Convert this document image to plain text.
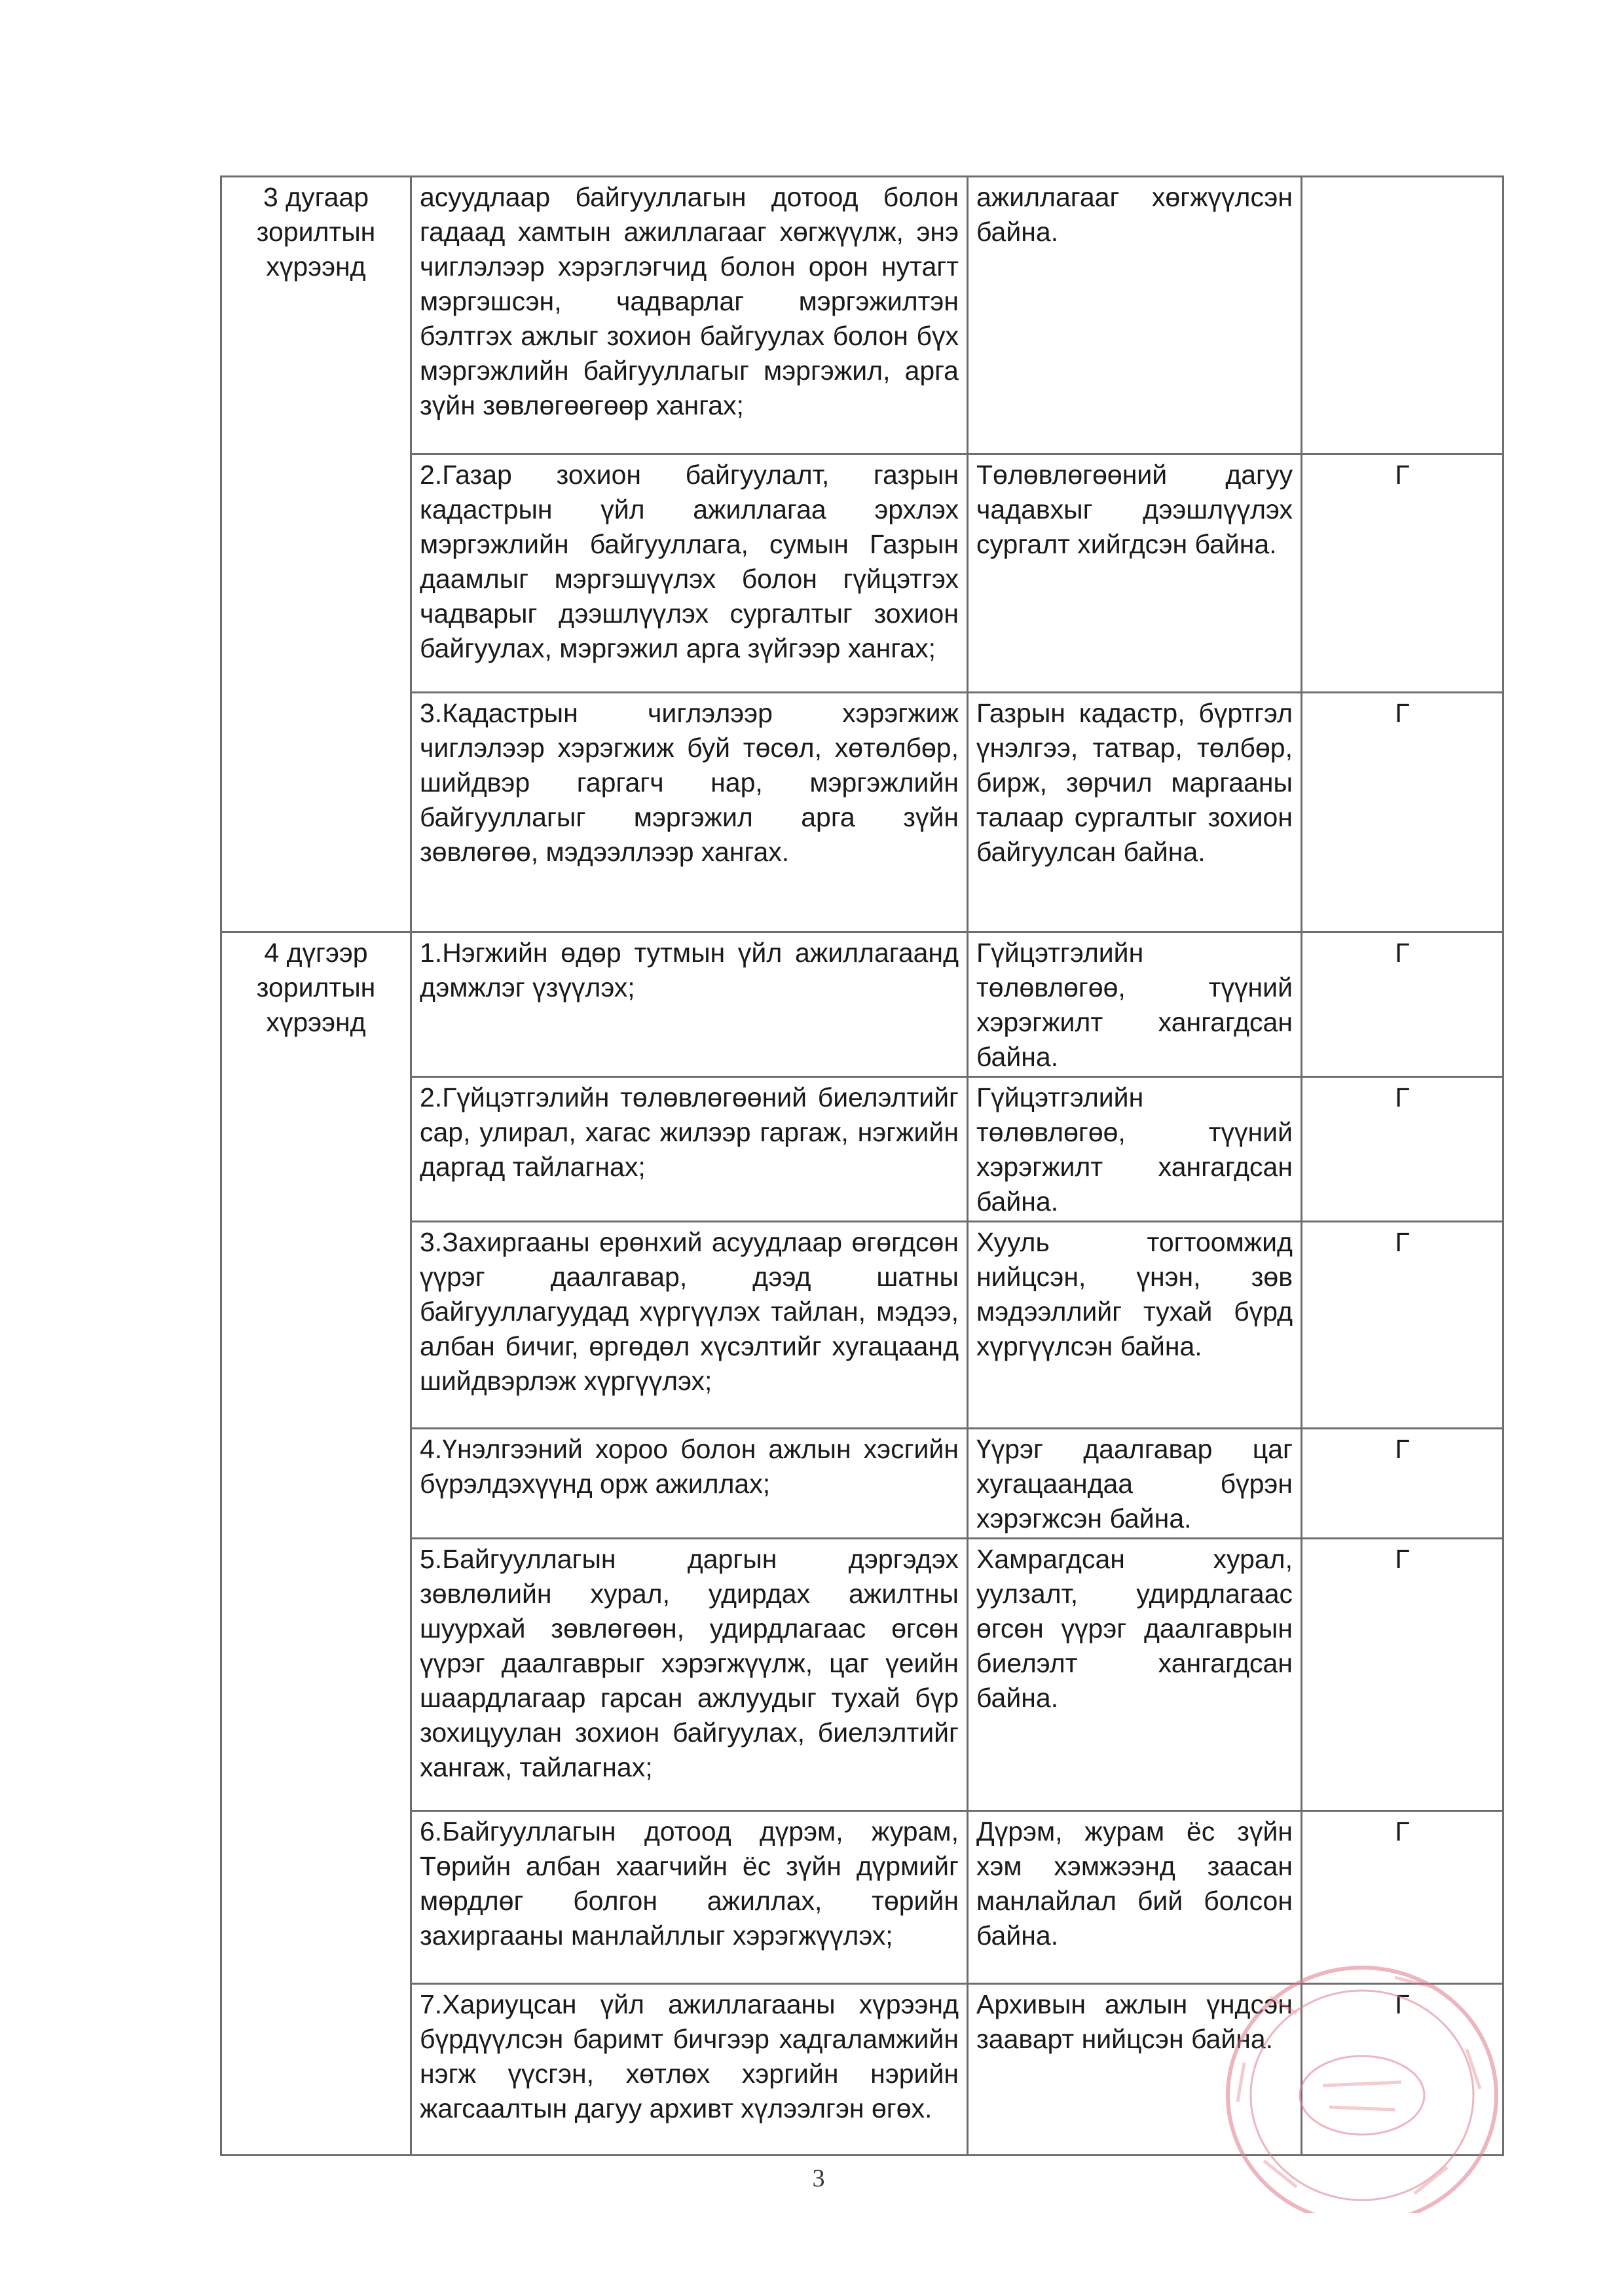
3 дугаар зорилтын хүрээнд	асуудлаар байгууллагын дотоод болон гадаад хамтын ажиллагааг хөгжүүлж, энэ чиглэлээр хэрэглэгчид болон орон нутагт мэргэшсэн, чадварлаг мэргэжилтэн бэлтгэх ажлыг зохион байгуулах болон бүх мэргэжлийн байгууллагыг мэргэжил, арга зүйн зөвлөгөөгөөр хангах;	ажиллагааг хөгжүүлсэн байна.	
	2.Газар зохион байгуулалт, газрын кадастрын үйл ажиллагаа эрхлэх мэргэжлийн байгууллага, сумын Газрын даамлыг мэргэшүүлэх болон гүйцэтгэх чадварыг дээшлүүлэх сургалтыг зохион байгуулах, мэргэжил арга зүйгээр хангах;	Төлөвлөгөөний дагуу чадавхыг дээшлүүлэх сургалт хийгдсэн байна.	Г
	3.Кадастрын чиглэлээр хэрэгжиж чиглэлээр хэрэгжиж буй төсөл, хөтөлбөр, шийдвэр гаргагч нар, мэргэжлийн байгууллагыг мэргэжил арга зүйн зөвлөгөө, мэдээллээр хангах.	Газрын кадастр, бүртгэл үнэлгээ, татвар, төлбөр, бирж, зөрчил маргааны талаар сургалтыг зохион байгуулсан байна.	Г
4 дүгээр зорилтын хүрээнд	1.Нэгжийн өдөр тутмын үйл ажиллагаанд дэмжлэг үзүүлэх;	Гүйцэтгэлийн төлөвлөгөө, түүний хэрэгжилт хангагдсан байна.	Г
	2.Гүйцэтгэлийн төлөвлөгөөний биелэлтийг сар, улирал, хагас жилээр гаргаж, нэгжийн даргад тайлагнах;	Гүйцэтгэлийн төлөвлөгөө, түүний хэрэгжилт хангагдсан байна.	Г
	3.Захиргааны ерөнхий асуудлаар өгөгдсөн үүрэг даалгавар, дээд шатны байгууллагуудад хүргүүлэх тайлан, мэдээ, албан бичиг, өргөдөл хүсэлтийг хугацаанд шийдвэрлэж хүргүүлэх;	Хууль тогтоомжид нийцсэн, үнэн, зөв мэдээллийг тухай бүрд хүргүүлсэн байна.	Г
	4.Үнэлгээний хороо болон ажлын хэсгийн бүрэлдэхүүнд орж ажиллах;	Үүрэг даалгавар цаг хугацаандаа бүрэн хэрэгжсэн байна.	Г
	5.Байгууллагын даргын дэргэдэх зөвлөлийн хурал, удирдах ажилтны шуурхай зөвлөгөөн, удирдлагаас өгсөн үүрэг даалгаврыг хэрэгжүүлж, цаг үеийн шаардлагаар гарсан ажлуудыг тухай бүр зохицуулан зохион байгуулах, биелэлтийг хангаж, тайлагнах;	Хамрагдсан хурал, уулзалт, удирдлагаас өгсөн үүрэг даалгаврын биелэлт хангагдсан байна.	Г
	6.Байгууллагын дотоод дүрэм, журам, Төрийн албан хаагчийн ёс зүйн дүрмийг мөрдлөг болгон ажиллах, төрийн захиргааны манлайллыг хэрэгжүүлэх;	Дүрэм, журам ёс зүйн хэм хэмжээнд заасан манлайлал бий болсон байна.	Г
	7.Хариуцсан үйл ажиллагааны хүрээнд бүрдүүлсэн баримт бичгээр хадгаламжийн нэгж үүсгэн, хөтлөх хэргийн нэрийн жагсаалтын дагуу архивт хүлээлгэн өгөх.	Архивын ажлын үндсэн зааварт нийцсэн байна.	Г
3
